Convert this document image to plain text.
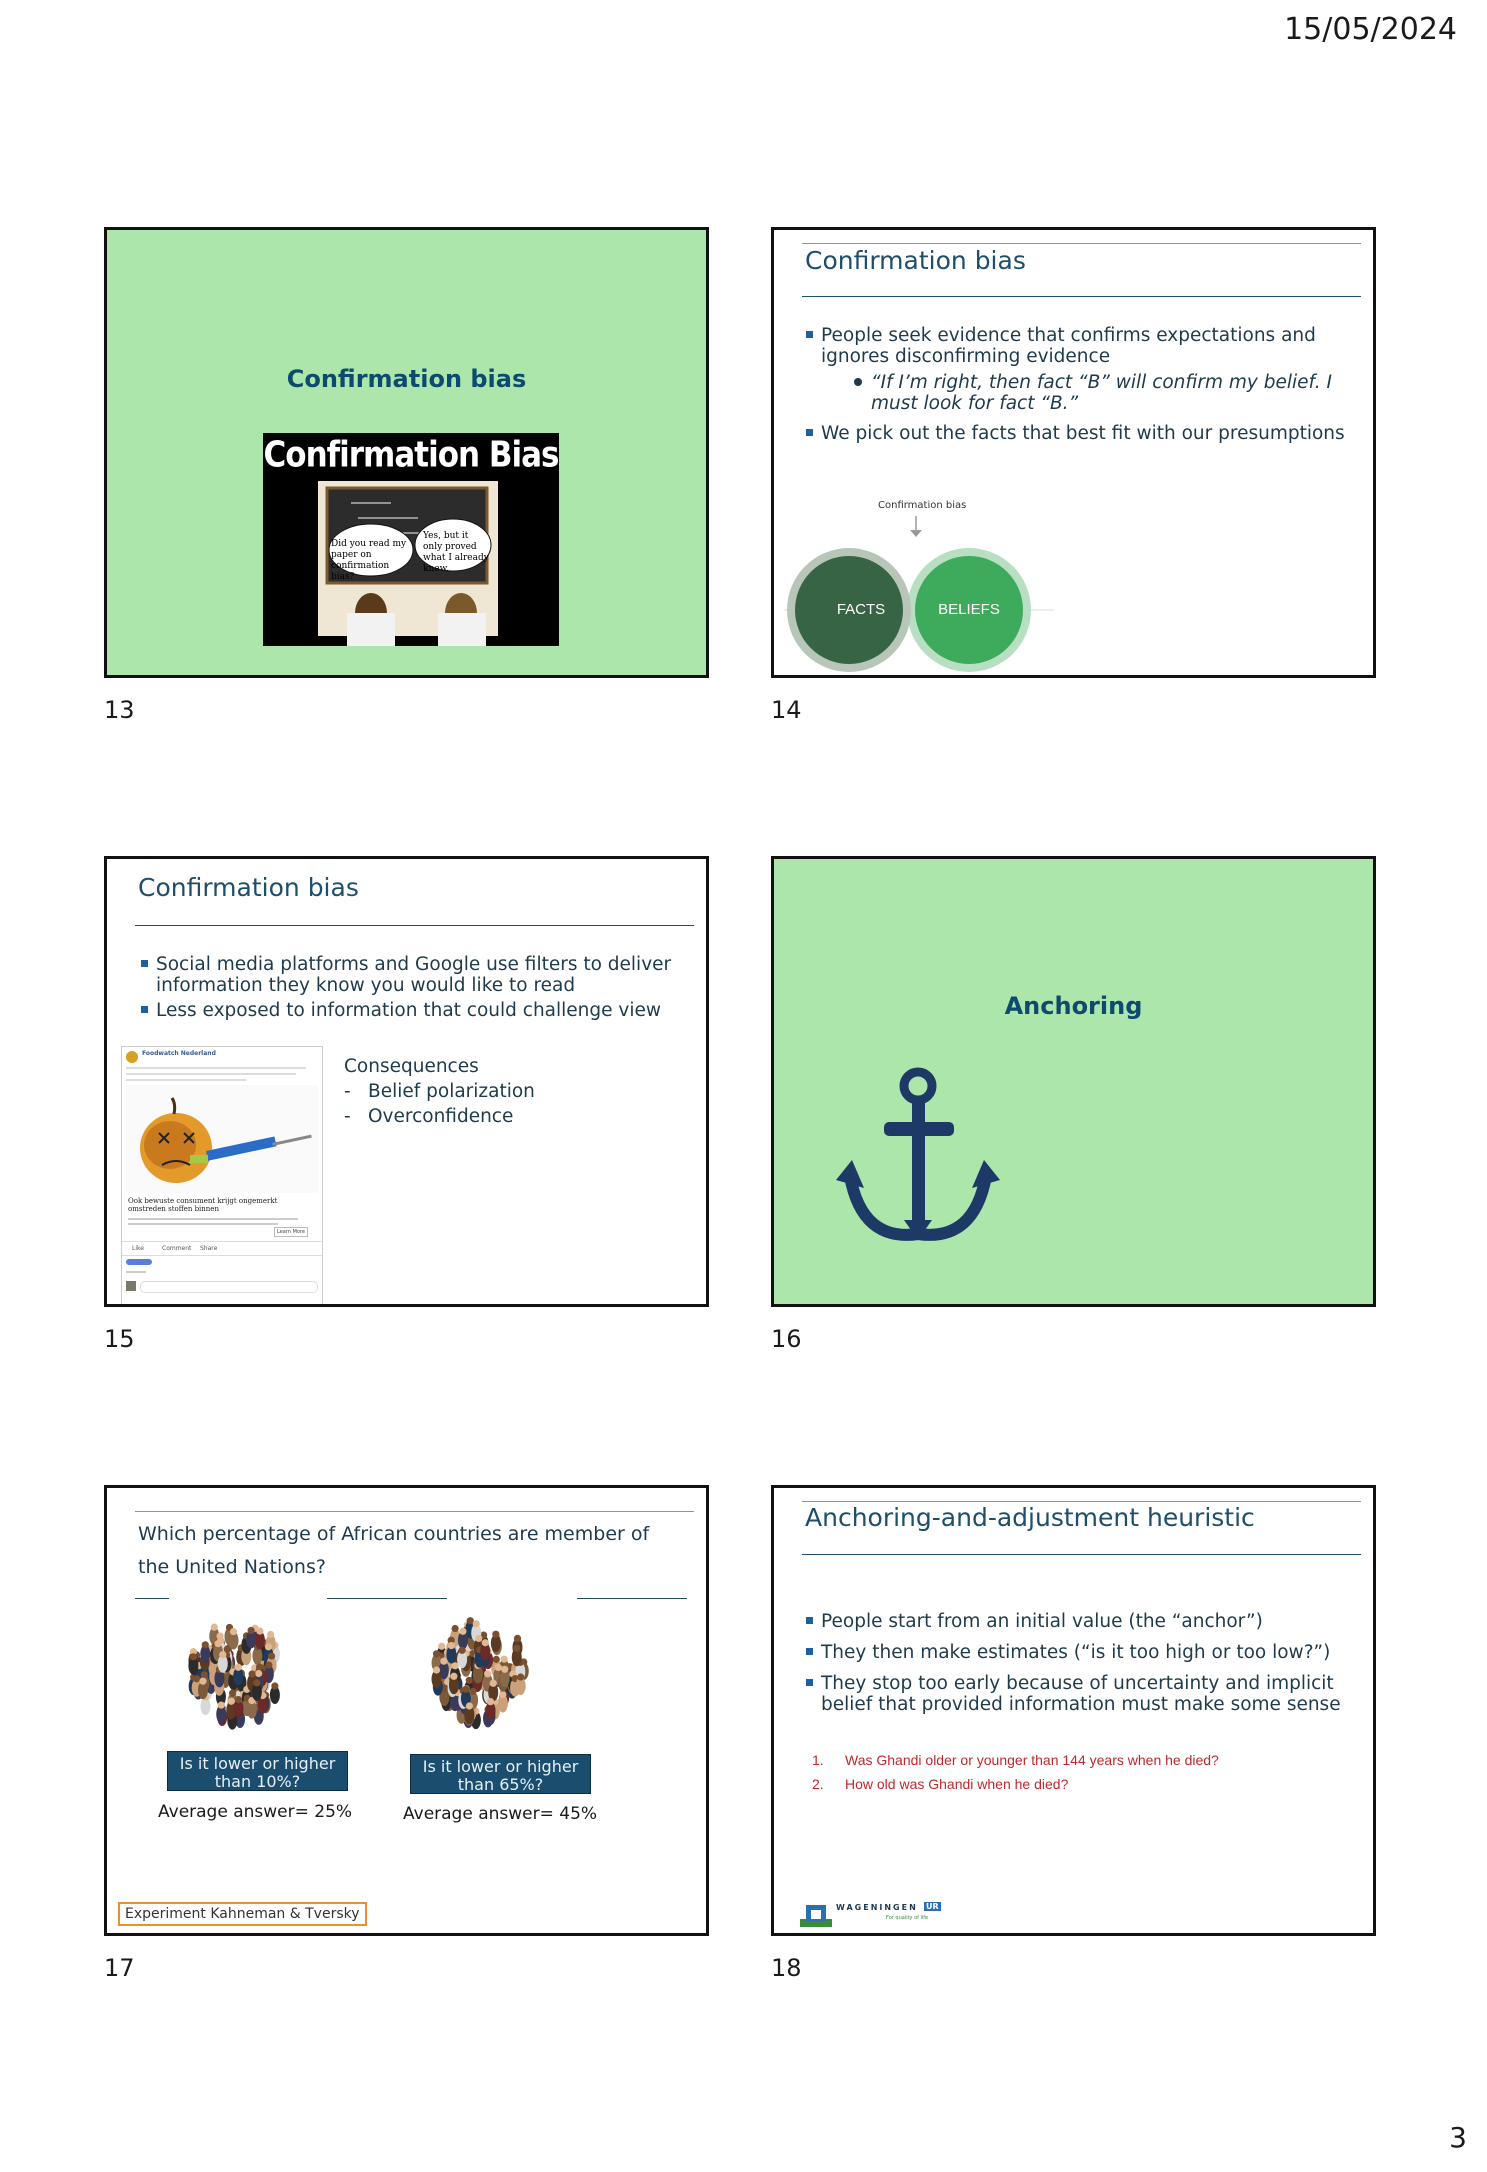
15/05/2024
Confirmation bias
Confirmation Bias
Did you read my paper on confirmation bias?
Yes, but it only proved what I already knew.
13
Confirmation bias
People seek evidence that confirms expectations and ignores disconfirming evidence
“If I’m right, then fact “B” will confirm my belief. I must look for fact “B.”
We pick out the facts that best fit with our presumptions
Confirmation bias
FACTS	BELIEFS
14
Confirmation bias
Social media platforms and Google use filters to deliver information they know you would like to read
Less exposed to information that could challenge view
Foodwatch Nederland
Ook bewuste consument krijgt ongemerkt omstreden stoffen binnen
Learn More
Like	Comment Share
Consequences
- Belief polarization
- Overconfidence
15
Anchoring
16
Which percentage of African countries are member of the United Nations?
Is it lower or higher than 10%?
Is it lower or higher than 65%?
Average answer= 25%	Average answer= 45%
Experiment Kahneman & Tversky
17
Anchoring-and-adjustment heuristic
People start from an initial value (the “anchor”)
They then make estimates (“is it too high or too low?”)
They stop too early because of uncertainty and implicit belief that provided information must make some sense
1. Was Ghandi older or younger than 144 years when he died?
2. How old was Ghandi when he died?
WAGENINGEN UR
For quality of life
18
3
